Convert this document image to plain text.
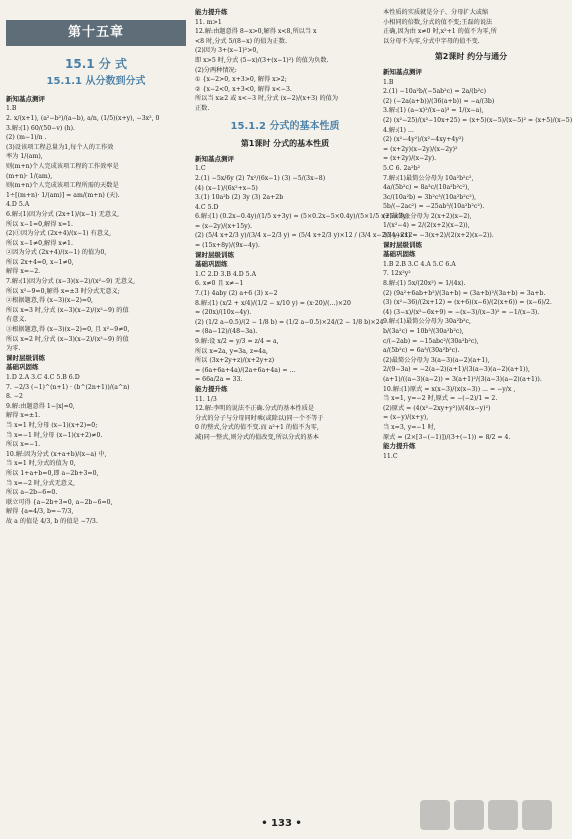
第十五章
15.1 分 式
15.1.1 从分数到分式
新知基点测评
1.B
2. x/(x+1), (a²−b²)/(a−b), a/n, (1/5)(x+y), −3x², 0
3.解:(1) 60/(50−v) (h).
(2) (m−1)/n .
(3)设该项工程总量为1,每个人的工作效
率为 1/(am),
则(m+n)个人完成该项工程的工作效率是
(m+n)· 1/(am),
则(m+n)个人完成该项工程所需的天数是
1÷[(m+n)· 1/(am)] = am/(m+n) (天).
4.D 5.A
6.解:(1)因为分式 (2x+1)/(x−1) 无意义,
所以 x−1=0,解得 x=1.
(2)①因为分式 (2x+4)/(x−1) 有意义,
所以 x−1≠0,解得 x≠1.
②因为分式 (2x+4)/(x−1) 的值为0,
所以 2x+4=0, x−1≠0,
解得 x=−2.
7.解:(1)因为分式 (x−3)(x−2)/(x²−9) 无意义,
所以 x²−9=0,解得 x=±3 时分式无意义;
②根据题意,得 (x−3)(x−2)=0,
所以 x=3 时,分式 (x−3)(x−2)/(x²−9) 的值
有意义.
③根据题意,得 (x−3)(x−2)=0, 且 x²−9≠0,
所以 x=2 时,分式 (x−3)(x−2)/(x²−9) 的值
为零.
课时层级训练
基础巩固练
1.D 2.A 3.C 4.C 5.B 6.D
7. −2/3 (−1)^(n+1) · (b^(2n+1))/(a^n)
8. −2
9.解:由题意得 1−|x|=0,
解得 x=±1.
当 x=1 时,分母 (x−1)(x+2)=0;
当 x=−1 时,分母 (x−1)(x+2)≠0.
所以 x=−1.
10.解:因为分式 (x+a+b)/(x−a) 中,
当 x=1 时,分式的值为 0,
所以 1+a+b=0,即 a−2b+3=0,
当 x=−2 时,分式无意义,
所以 a−2b−6=0.
联立可得 {a−2b+3=0, a−2b−6=0,
解得 {a=4/3, b=−7/3,
故 a 的值是 4/3, b 的值是 −7/3.
能力提升练
11. m>1
12.解:由题意得 8−x>0,解得 x<8,所以当 x
<8 时,分式 5/(8−x) 的值为正数.
(2)因为 3+(x−1)²>0,
即 x>5 时,分式 (5−x)/(3+(x−1)²) 的值为负数.
(2)分两种情况:
① {x−2>0, x+3>0, 解得 x>2;
② {x−2<0, x+3<0, 解得 x<−3.
所以当 x≥2 或 x<−3 时,分式 (x−2)/(x+3) 的值为
正数.
15.1.2 分式的基本性质
第1课时 分式的基本性质
新知基点测评
1.C
2.(1) −5x/6y (2) 7x²/(6x−1) (3) −5/(3x−8)
(4) (x−1)/(6x²+x−5)
3.(1) 10a²b (2) 3y (3) 2a+2b
4.C 5.D
6.解:(1) (0.2x−0.4y)/(1/5 x+3y) = (5×0.2x−5×0.4y)/(5×1/5 x+5×3y)
= (x−2y)/(x+15y).
(2) (5/4 x+2/3 y)/(3/4 x−2/3 y) = (5/4 x+2/3 y)×12 / (3/4 x−2/3 y)×12
= (15x+8y)/(9x−4y).
课时层级训练
基础巩固练
1.C 2.D 3.B 4.D 5.A
6. x≠0 且 x≠−1
7.(1) 4aby (2) a+6 (3) x−2
8.解:(1) (x/2 + x/4)/(1/2 − x/10 y) = (x·20)/(...)×20
= (20x)/(10x−4y).
(2) (1/2 a−0.5)/(2 − 1/8 b) = (1/2 a−0.5)×24/(2 − 1/8 b)×24
= (8a−12)/(48−3a).
9.解:设 x/2 = y/3 = z/4 = a,
所以 x=2a, y=3a, z=4a,
所以 (3x+2y+z)/(x+2y+z)
= (6a+6a+4a)/(2a+6a+4a) = ...
= 66a/2a = 33.
能力提升练
11. 1/3
12.解:李明的说法不正确.分式的基本性质是
分式的分子与分母同时乘(或除以)同一个不等于
0 的整式,分式的值不变.而 a²+1 的值不为零,
减)同一整式,则分式的值改变,所以分式的基本
本性质的实质就是分子、分母扩大或缩
小相同的倍数,分式的值不变;王磊的说法
正确,因为由 x≠0 时,x²+1 的值不为零,所
以分母不为零,分式中字母的值不变.
第2课时 约分与通分
新知基点测评
1.B
2.(1) −10a²b/(−5ab²c) = 2a/(b²c)
(2) (−2a(a+b))/(36(a+b)) = −a/(3b)
3.解:(1) (a−x)²/(x−a)³ = 1/(x−a),
(2) (x²−25)/(x²−10x+25) = (x+5)(x−5)/(x−5)² = (x+5)/(x−5)
4.解:(1) ...
(2) (x²−4y²)/(x²−4xy+4y²)
= (x+2y)(x−2y)/(x−2y)²
= (x+2y)/(x−2y).
5.C 6. 2a²b²
7.解:(1)最简公分母为 10a²b²c²,
4a/(5b²c) = 8a³c/(10a²b²c²),
3c/(10a²b) = 3b²c³/(10a²b²c²),
5b/(−2ac²) = −25ab³/(10a²b²c²).
(2)最简公分母为 2(x+2)(x−2),
1/(x²−4) = 2/(2(x+2)(x−2)),
3/(4−2x) = −3(x+2)/(2(x+2)(x−2)).
课时层级训练
基础巩固练
1.B 2.B 3.C 4.A 5.C 6.A
7. 12x²y²
8.解:(1) 5x/(20x²) = 1/(4x).
(2) (9a²+6ab+b²)/(3a+b) = (3a+b)²/(3a+b) = 3a+b.
(3) (x²−36)/(2x+12) = (x+6)(x−6)/(2(x+6)) = (x−6)/2.
(4) (3−x)/(x²−6x+9) = −(x−3)/(x−3)² = −1/(x−3).
9.解:(1)最简公分母为 30a²b²c,
b/(3a²c) = 10b³/(30a²b²c),
c/(−2ab) = −15abc²/(30a²b²c),
a/(5b²c) = 6a³/(30a²b²c).
(2)最简公分母为 3(a−3)(a−2)(a+1),
2/(9−3a) = −2(a−2)(a+1)/(3(a−3)(a−2)(a+1)),
(a+1)/((a−3)(a−2)) = 3(a+1)²/(3(a−3)(a−2)(a+1)).
10.解:(1)原式 = x(x−3)/(x(x−3)) ... = −y/x ,
当 x=1, y=−2 时,原式 = −(−2)/1 = 2.
(2)原式 = (4(x²−2xy+y²))/(4(x−y)²)
= (x−y)/(x+y),
当 x=3, y=−1 时,
原式 = (2×[3−(−1)])/(3+(−1)) = 8/2 = 4.
能力提升练
11.C
• 133 •
